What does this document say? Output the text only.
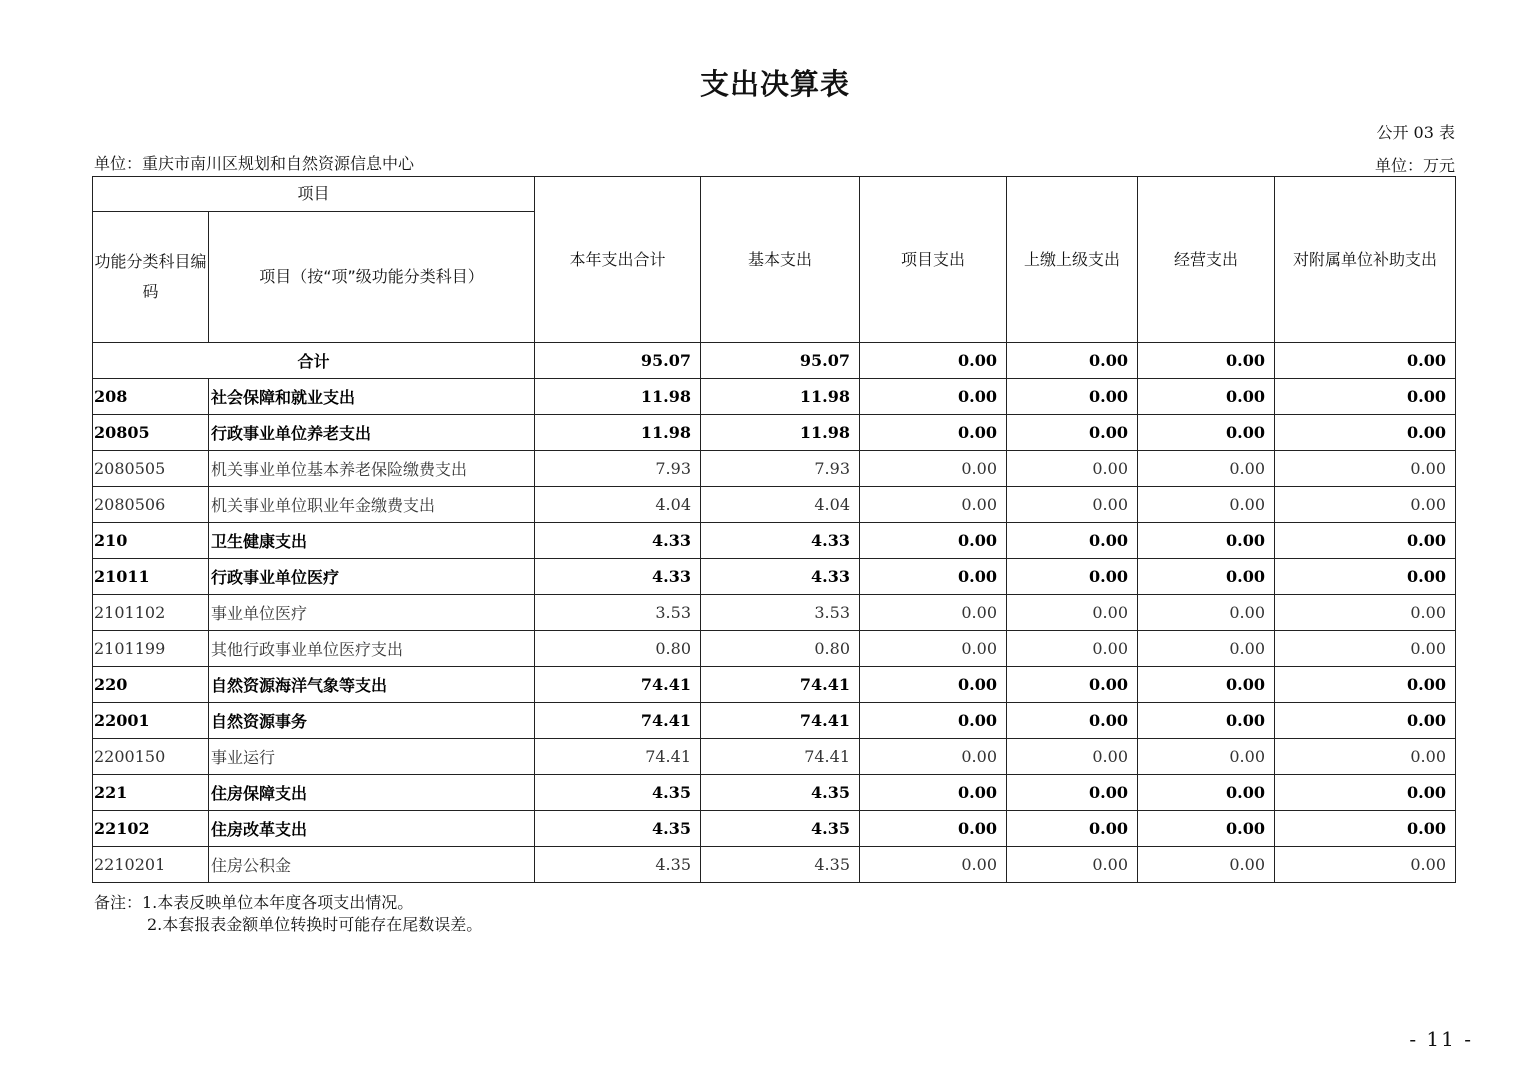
支出决算表
公开 03 表
单位：重庆市南川区规划和自然资源信息中心	单位：万元
项目		本年支出合计	基本支出	项目支出	上缴上级支出	经营支出	对附属单位补助支出
功能分类科目编码	项目（按“项”级功能分类科目）						
合计		95.07	95.07	0.00	0.00	0.00	0.00
208	社会保障和就业支出	11.98	11.98	0.00	0.00	0.00	0.00
20805	行政事业单位养老支出	11.98	11.98	0.00	0.00	0.00	0.00
2080505	机关事业单位基本养老保险缴费支出	7.93	7.93	0.00	0.00	0.00	0.00
2080506	机关事业单位职业年金缴费支出	4.04	4.04	0.00	0.00	0.00	0.00
210	卫生健康支出	4.33	4.33	0.00	0.00	0.00	0.00
21011	行政事业单位医疗	4.33	4.33	0.00	0.00	0.00	0.00
2101102	事业单位医疗	3.53	3.53	0.00	0.00	0.00	0.00
2101199	其他行政事业单位医疗支出	0.80	0.80	0.00	0.00	0.00	0.00
220	自然资源海洋气象等支出	74.41	74.41	0.00	0.00	0.00	0.00
22001	自然资源事务	74.41	74.41	0.00	0.00	0.00	0.00
2200150	事业运行	74.41	74.41	0.00	0.00	0.00	0.00
221	住房保障支出	4.35	4.35	0.00	0.00	0.00	0.00
22102	住房改革支出	4.35	4.35	0.00	0.00	0.00	0.00
2210201	住房公积金	4.35	4.35	0.00	0.00	0.00	0.00
备注：1.本表反映单位本年度各项支出情况。
2.本套报表金额单位转换时可能存在尾数误差。
- 11 -
